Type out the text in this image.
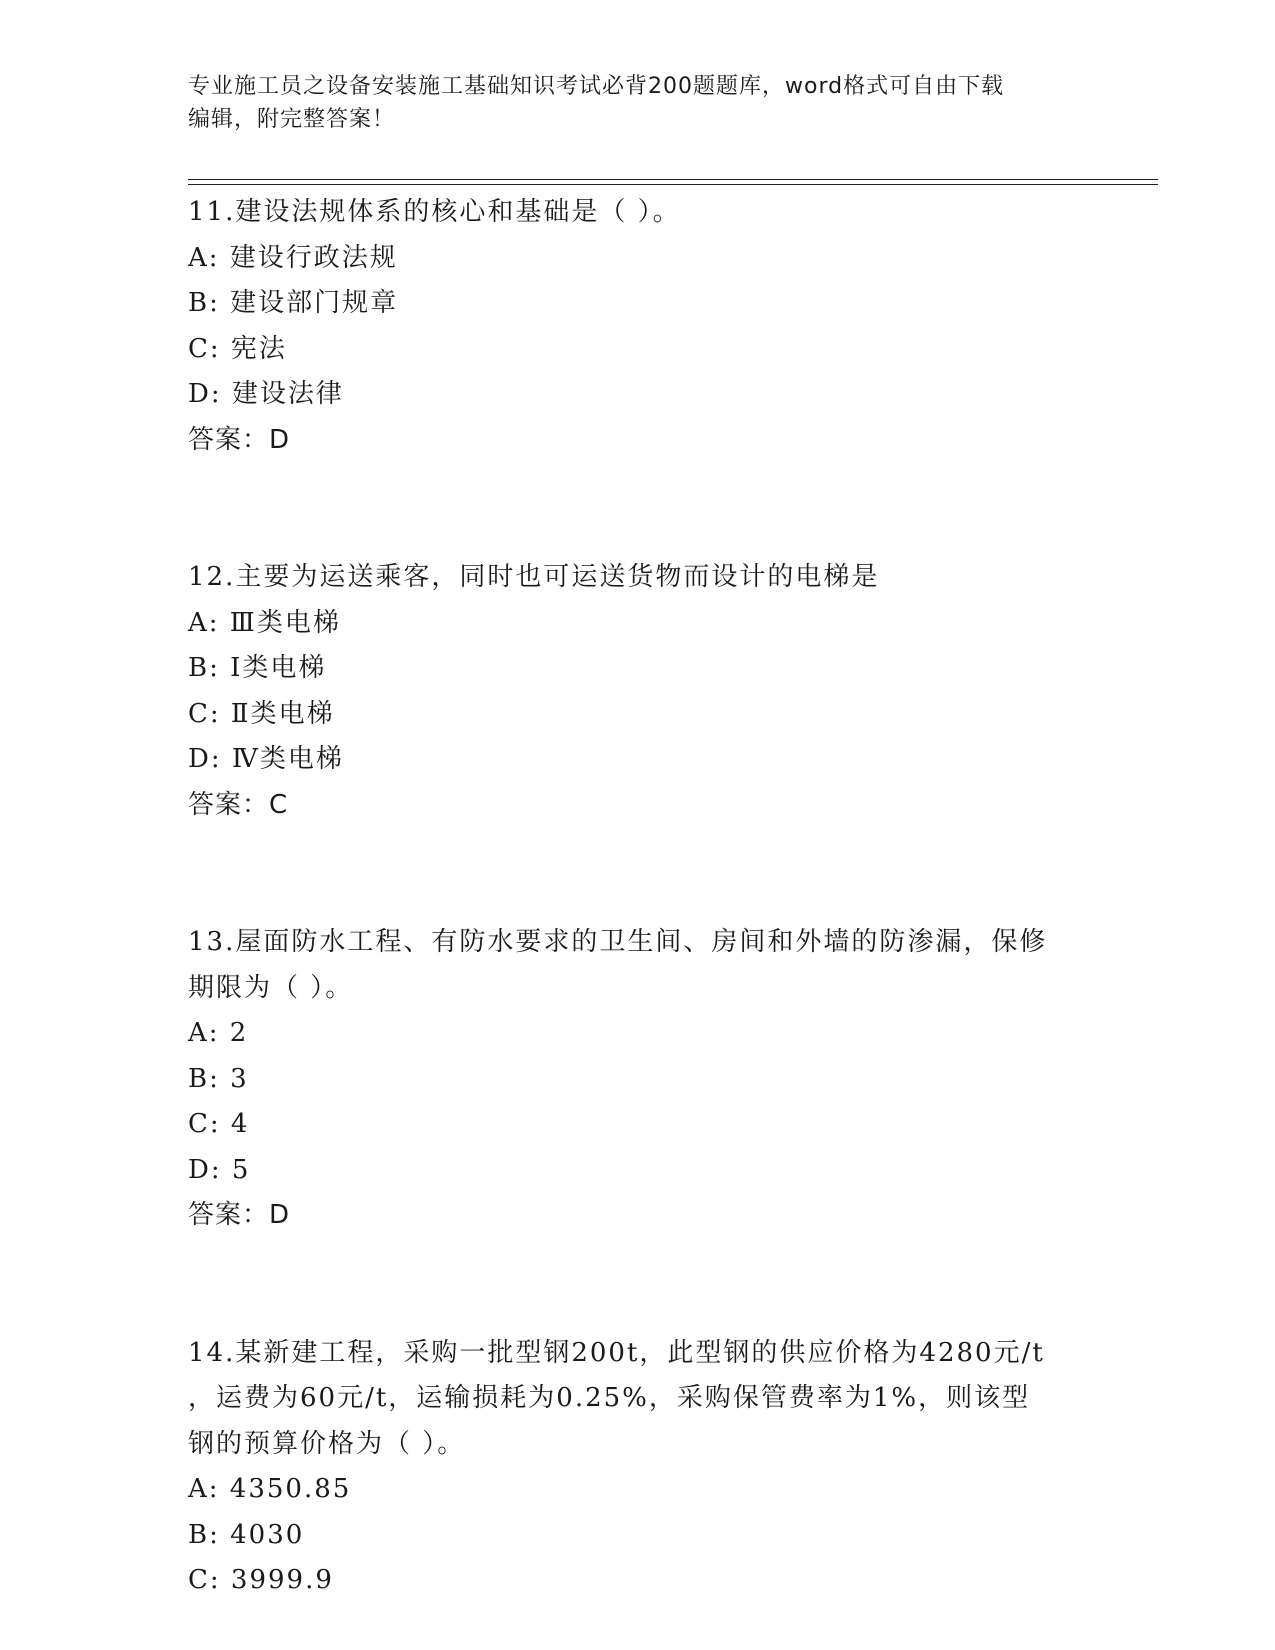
专业施工员之设备安装施工基础知识考试必背200题题库，word格式可自由下载
编辑，附完整答案！
11.建设法规体系的核心和基础是（ ）。
A: 建设行政法规
B: 建设部门规章
C: 宪法
D: 建设法律
答案：D
12.主要为运送乘客，同时也可运送货物而设计的电梯是
A: Ⅲ类电梯
B: Ⅰ类电梯
C: Ⅱ类电梯
D: Ⅳ类电梯
答案：C
13.屋面防水工程、有防水要求的卫生间、房间和外墙的防渗漏，保修
期限为（ ）。
A: 2
B: 3
C: 4
D: 5
答案：D
14.某新建工程，采购一批型钢200t，此型钢的供应价格为4280元/t
，运费为60元/t，运输损耗为0.25%，采购保管费率为1%，则该型
钢的预算价格为（ ）。
A: 4350.85
B: 4030
C: 3999.9
